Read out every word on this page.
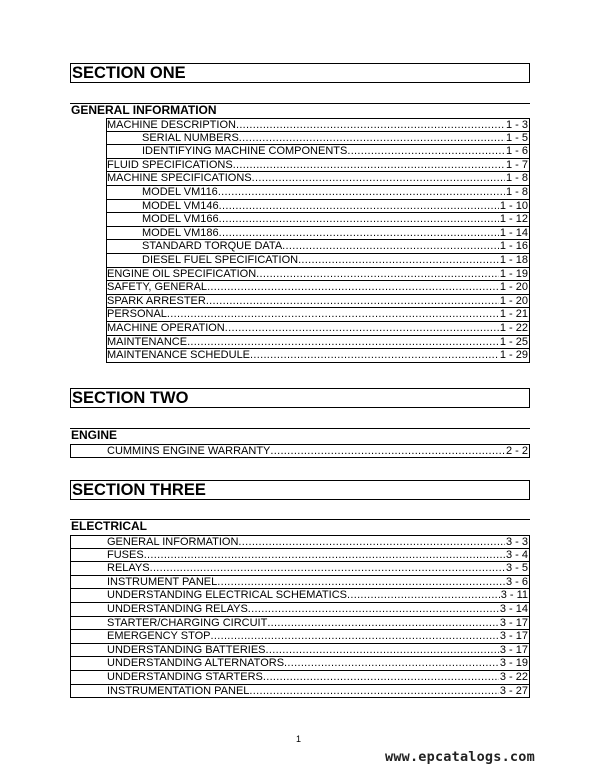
SECTION ONE
GENERAL INFORMATION
MACHINE DESCRIPTION .....	1 - 3
SERIAL NUMBERS .....	1 - 5
IDENTIFYING MACHINE COMPONENTS .....	1 - 6
FLUID SPECIFICATIONS .....	1 - 7
MACHINE SPECIFICATIONS .....	1 - 8
MODEL VM116 .....	1 - 8
MODEL VM146 .....	1 - 10
MODEL VM166 .....	1 - 12
MODEL VM186 .....	1 - 14
STANDARD TORQUE DATA .....	1 - 16
DIESEL FUEL SPECIFICATION .....	1 - 18
ENGINE OIL SPECIFICATION .....	1 - 19
SAFETY, GENERAL .....	1 - 20
SPARK ARRESTER .....	1 - 20
PERSONAL .....	1 - 21
MACHINE OPERATION .....	1 - 22
MAINTENANCE .....	1 - 25
MAINTENANCE SCHEDULE .....	1 - 29
SECTION TWO
ENGINE
CUMMINS ENGINE WARRANTY .....	2 - 2
SECTION THREE
ELECTRICAL
GENERAL INFORMATION .....	3 - 3
FUSES .....	3 - 4
RELAYS .....	3 - 5
INSTRUMENT PANEL .....	3 - 6
UNDERSTANDING ELECTRICAL SCHEMATICS .....	3 - 11
UNDERSTANDING RELAYS .....	3 - 14
STARTER/CHARGING CIRCUIT .....	3 - 17
EMERGENCY STOP .....	3 - 17
UNDERSTANDING BATTERIES .....	3 - 17
UNDERSTANDING ALTERNATORS .....	3 - 19
UNDERSTANDING STARTERS .....	3 - 22
INSTRUMENTATION PANEL .....	3 - 27
1
www.epcatalogs.com
